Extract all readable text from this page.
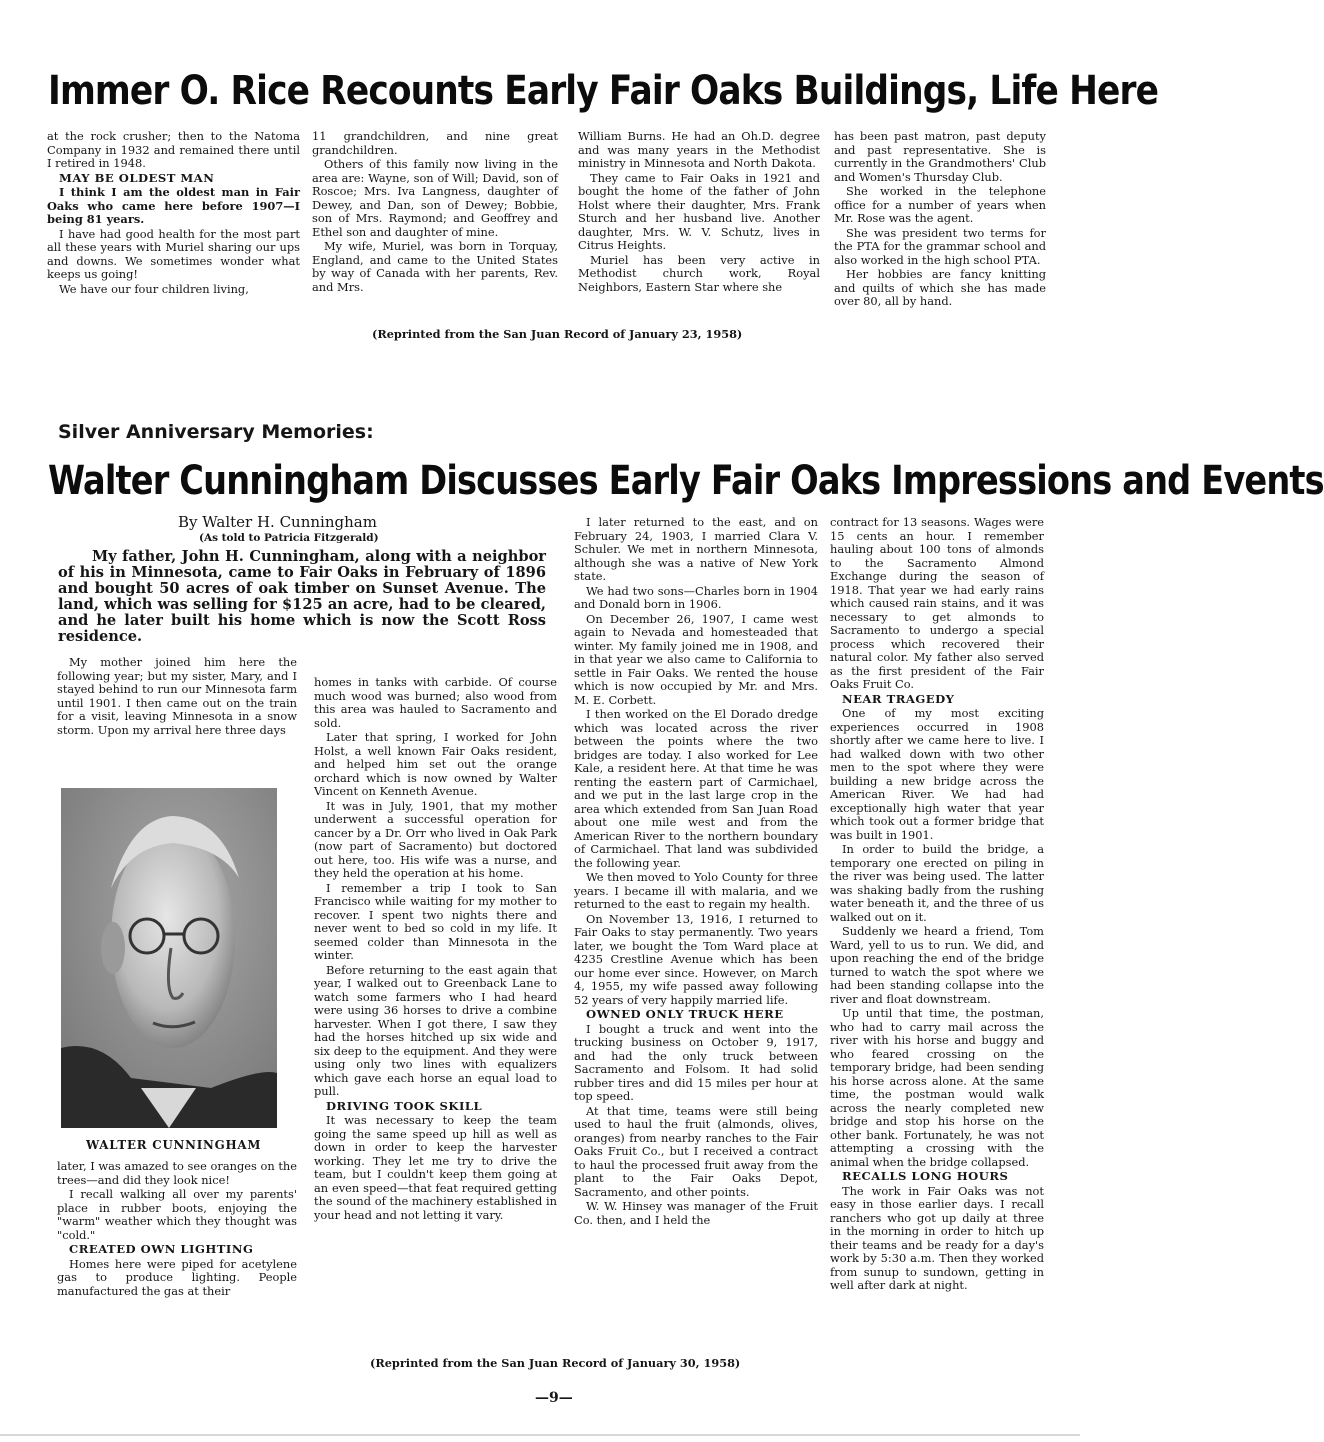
Immer O. Rice Recounts Early Fair Oaks Buildings, Life Here

at the rock crusher; then to the Natoma Company in 1932 and remained there until I retired in 1948.

MAY BE OLDEST MAN

I think I am the oldest man in Fair Oaks who came here before 1907—I being 81 years.

I have had good health for the most part all these years with Muriel sharing our ups and downs. We sometimes wonder what keeps us going!

We have our four children living,

11 grandchildren, and nine great grandchildren.

Others of this family now living in the area are: Wayne, son of Will; David, son of Roscoe; Mrs. Iva Langness, daughter of Dewey, and Dan, son of Dewey; Bobbie, son of Mrs. Raymond; and Geoffrey and Ethel son and daughter of mine.

My wife, Muriel, was born in Torquay, England, and came to the United States by way of Canada with her parents, Rev. and Mrs.

William Burns. He had an Oh.D. degree and was many years in the Methodist ministry in Minnesota and North Dakota.

They came to Fair Oaks in 1921 and bought the home of the father of John Holst where their daughter, Mrs. Frank Sturch and her husband live. Another daughter, Mrs. W. V. Schutz, lives in Citrus Heights.

Muriel has been very active in Methodist church work, Royal Neighbors, Eastern Star where she

has been past matron, past deputy and past representative. She is currently in the Grandmothers' Club and Women's Thursday Club.

She worked in the telephone office for a number of years when Mr. Rose was the agent.

She was president two terms for the PTA for the grammar school and also worked in the high school PTA.

Her hobbies are fancy knitting and quilts of which she has made over 80, all by hand.

(Reprinted from the San Juan Record of January 23, 1958)
Silver Anniversary Memories:
Walter Cunningham Discusses Early Fair Oaks Impressions and Events
By Walter H. Cunningham
(As told to Patricia Fitzgerald)
My father, John H. Cunningham, along with a neighbor of his in Minnesota, came to Fair Oaks in February of 1896 and bought 50 acres of oak timber on Sunset Avenue. The land, which was selling for $125 an acre, had to be cleared, and he later built his home which is now the Scott Ross residence.

My mother joined him here the following year; but my sister, Mary, and I stayed behind to run our Minnesota farm until 1901. I then came out on the train for a visit, leaving Minnesota in a snow storm. Upon my arrival here three days

WALTER CUNNINGHAM

later, I was amazed to see oranges on the trees—and did they look nice!

I recall walking all over my parents' place in rubber boots, enjoying the "warm" weather which they thought was "cold."

CREATED OWN LIGHTING

Homes here were piped for acetylene gas to produce lighting. People manufactured the gas at their

homes in tanks with carbide. Of course much wood was burned; also wood from this area was hauled to Sacramento and sold.

Later that spring, I worked for John Holst, a well known Fair Oaks resident, and helped him set out the orange orchard which is now owned by Walter Vincent on Kenneth Avenue.

It was in July, 1901, that my mother underwent a successful operation for cancer by a Dr. Orr who lived in Oak Park (now part of Sacramento) but doctored out here, too. His wife was a nurse, and they held the operation at his home.

I remember a trip I took to San Francisco while waiting for my mother to recover. I spent two nights there and never went to bed so cold in my life. It seemed colder than Minnesota in the winter.

Before returning to the east again that year, I walked out to Greenback Lane to watch some farmers who I had heard were using 36 horses to drive a combine harvester. When I got there, I saw they had the horses hitched up six wide and six deep to the equipment. And they were using only two lines with equalizers which gave each horse an equal load to pull.

DRIVING TOOK SKILL

It was necessary to keep the team going the same speed up hill as well as down in order to keep the harvester working. They let me try to drive the team, but I couldn't keep them going at an even speed—that feat required getting the sound of the machinery established in your head and not letting it vary.

I later returned to the east, and on February 24, 1903, I married Clara V. Schuler. We met in northern Minnesota, although she was a native of New York state.

We had two sons—Charles born in 1904 and Donald born in 1906.

On December 26, 1907, I came west again to Nevada and homesteaded that winter. My family joined me in 1908, and in that year we also came to California to settle in Fair Oaks. We rented the house which is now occupied by Mr. and Mrs. M. E. Corbett.

I then worked on the El Dorado dredge which was located across the river between the points where the two bridges are today. I also worked for Lee Kale, a resident here. At that time he was renting the eastern part of Carmichael, and we put in the last large crop in the area which extended from San Juan Road about one mile west and from the American River to the northern boundary of Carmichael. That land was subdivided the following year.

We then moved to Yolo County for three years. I became ill with malaria, and we returned to the east to regain my health.

On November 13, 1916, I returned to Fair Oaks to stay permanently. Two years later, we bought the Tom Ward place at 4235 Crestline Avenue which has been our home ever since. However, on March 4, 1955, my wife passed away following 52 years of very happily married life.

OWNED ONLY TRUCK HERE

I bought a truck and went into the trucking business on October 9, 1917, and had the only truck between Sacramento and Folsom. It had solid rubber tires and did 15 miles per hour at top speed.

At that time, teams were still being used to haul the fruit (almonds, olives, oranges) from nearby ranches to the Fair Oaks Fruit Co., but I received a contract to haul the processed fruit away from the plant to the Fair Oaks Depot, Sacramento, and other points.

W. W. Hinsey was manager of the Fruit Co. then, and I held the

contract for 13 seasons. Wages were 15 cents an hour. I remember hauling about 100 tons of almonds to the Sacramento Almond Exchange during the season of 1918. That year we had early rains which caused rain stains, and it was necessary to get almonds to Sacramento to undergo a special process which recovered their natural color. My father also served as the first president of the Fair Oaks Fruit Co.

NEAR TRAGEDY

One of my most exciting experiences occurred in 1908 shortly after we came here to live. I had walked down with two other men to the spot where they were building a new bridge across the American River. We had had exceptionally high water that year which took out a former bridge that was built in 1901.

In order to build the bridge, a temporary one erected on piling in the river was being used. The latter was shaking badly from the rushing water beneath it, and the three of us walked out on it.

Suddenly we heard a friend, Tom Ward, yell to us to run. We did, and upon reaching the end of the bridge turned to watch the spot where we had been standing collapse into the river and float downstream.

Up until that time, the postman, who had to carry mail across the river with his horse and buggy and who feared crossing on the temporary bridge, had been sending his horse across alone. At the same time, the postman would walk across the nearly completed new bridge and stop his horse on the other bank. Fortunately, he was not attempting a crossing with the animal when the bridge collapsed.

RECALLS LONG HOURS

The work in Fair Oaks was not easy in those earlier days. I recall ranchers who got up daily at three in the morning in order to hitch up their teams and be ready for a day's work by 5:30 a.m. Then they worked from sunup to sundown, getting in well after dark at night.

(Reprinted from the San Juan Record of January 30, 1958)
—9—
